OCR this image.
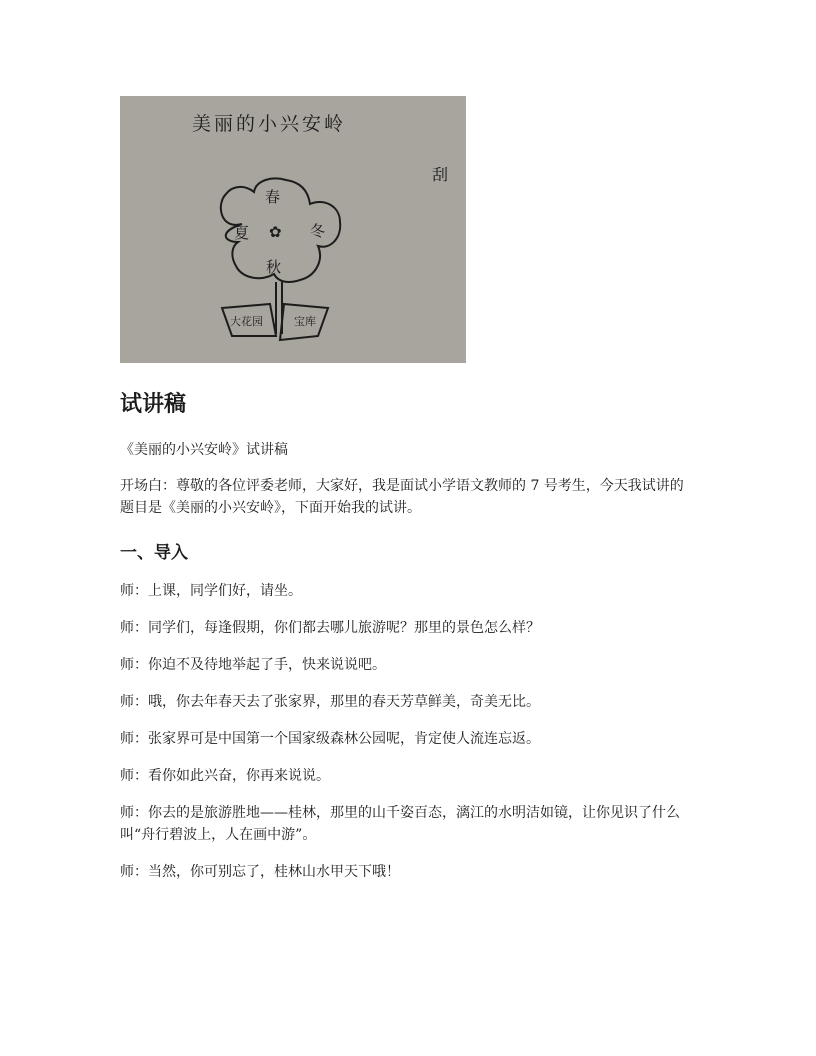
美丽的小兴安岭
刮
春
夏	冬
秋
✿
大花园	宝库
试讲稿
《美丽的小兴安岭》试讲稿
开场白：尊敬的各位评委老师，大家好，我是面试小学语文教师的 7 号考生，今天我试讲的题目是《美丽的小兴安岭》，下面开始我的试讲。
一、导入
师：上课，同学们好，请坐。
师：同学们，每逢假期，你们都去哪儿旅游呢？那里的景色怎么样？
师：你迫不及待地举起了手，快来说说吧。
师：哦，你去年春天去了张家界，那里的春天芳草鲜美，奇美无比。
师：张家界可是中国第一个国家级森林公园呢，肯定使人流连忘返。
师：看你如此兴奋，你再来说说。
师：你去的是旅游胜地——桂林，那里的山千姿百态，漓江的水明洁如镜，让你见识了什么叫“舟行碧波上，人在画中游”。
师：当然，你可别忘了，桂林山水甲天下哦！
